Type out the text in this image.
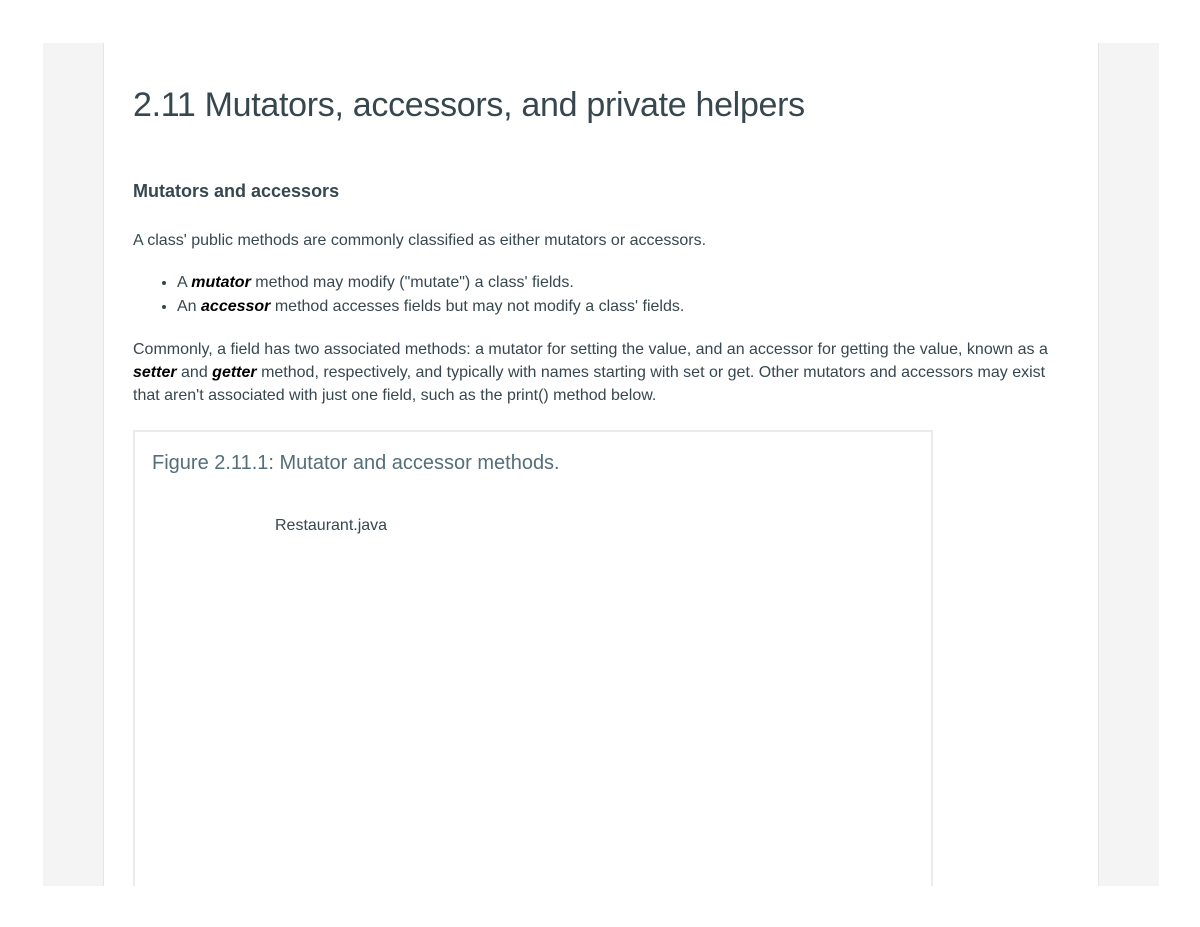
2.11 Mutators, accessors, and private helpers
Mutators and accessors

A class' public methods are commonly classified as either mutators or accessors.

• A mutator method may modify ("mutate") a class' fields.
• An accessor method accesses fields but may not modify a class' fields.

Commonly, a field has two associated methods: a mutator for setting the value, and an accessor for getting the value, known as a setter and getter method, respectively, and typically with names starting with set or get. Other mutators and accessors may exist that aren't associated with just one field, such as the print() method below.

Figure 2.11.1: Mutator and accessor methods.
Restaurant.java
